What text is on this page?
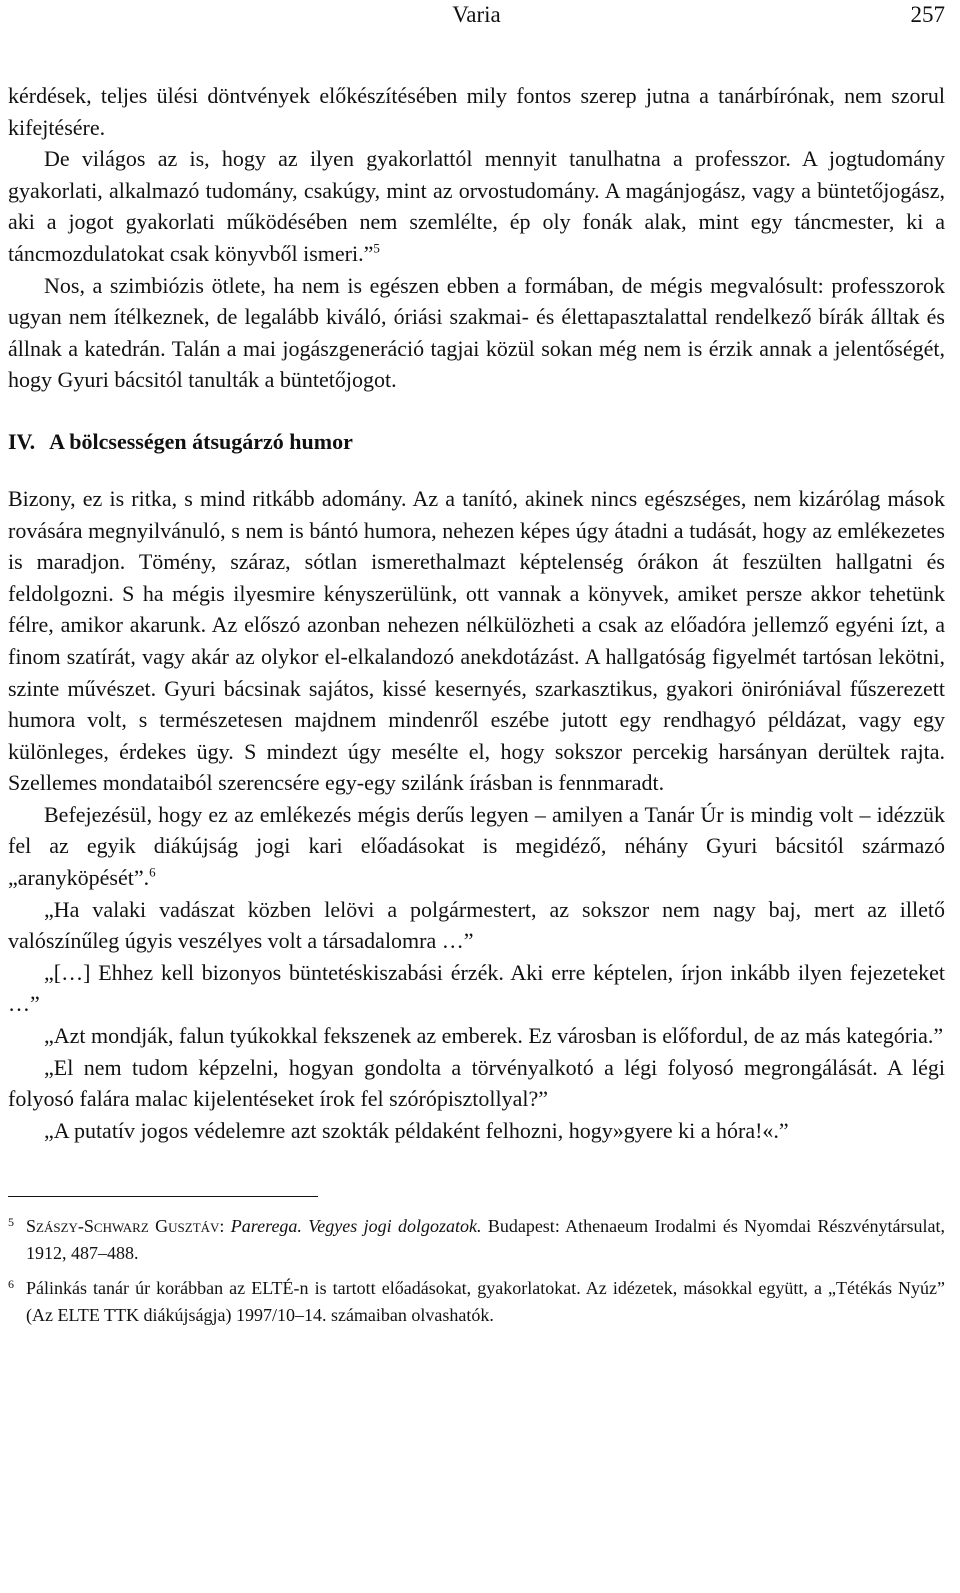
Varia	257

kérdések, teljes ülési döntvények előkészítésében mily fontos szerep jutna a tanárbírónak, nem szorul kifejtésére.

De világos az is, hogy az ilyen gyakorlattól mennyit tanulhatna a professzor. A jogtudomány gyakorlati, alkalmazó tudomány, csakúgy, mint az orvostudomány. A magánjogász, vagy a büntetőjogász, aki a jogot gyakorlati működésében nem szemlélte, ép oly fonák alak, mint egy táncmester, ki a táncmozdulatokat csak könyvből ismeri.”$^5$

Nos, a szimbiózis ötlete, ha nem is egészen ebben a formában, de mégis megvalósult: professzorok ugyan nem ítélkeznek, de legalább kiváló, óriási szakmai- és élettapasztalattal rendelkező bírák álltak és állnak a katedrán. Talán a mai jogászgeneráció tagjai közül sokan még nem is érzik annak a jelentőségét, hogy Gyuri bácsitól tanulták a büntetőjogot.

IV. A bölcsességen átsugárzó humor

Bizony, ez is ritka, s mind ritkább adomány. Az a tanító, akinek nincs egészséges, nem kizárólag mások rovására megnyilvánuló, s nem is bántó humora, nehezen képes úgy átadni a tudását, hogy az emlékezetes is maradjon. Tömény, száraz, sótlan ismerethalmazt képtelenség órákon át feszülten hallgatni és feldolgozni. S ha mégis ilyesmire kényszerülünk, ott vannak a könyvek, amiket persze akkor tehetünk félre, amikor akarunk. Az előszó azonban nehezen nélkülözheti a csak az előadóra jellemző egyéni ízt, a finom szatírát, vagy akár az olykor el-elkalandozó anekdotázást. A hallgatóság figyelmét tartósan lekötni, szinte művészet. Gyuri bácsinak sajátos, kissé kesernyés, szarkasztikus, gyakori öniróniával fűszerezett humora volt, s természetesen majdnem mindenről eszébe jutott egy rendhagyó példázat, vagy egy különleges, érdekes ügy. S mindezt úgy mesélte el, hogy sokszor percekig harsányan derültek rajta. Szellemes mondataiból szerencsére egy-egy szilánk írásban is fennmaradt.

Befejezésül, hogy ez az emlékezés mégis derűs legyen – amilyen a Tanár Úr is mindig volt – idézzük fel az egyik diákújság jogi kari előadásokat is megidéző, néhány Gyuri bácsitól származó „aranyköpését”.$^6$

„Ha valaki vadászat közben lelövi a polgármestert, az sokszor nem nagy baj, mert az illető valószínűleg úgyis veszélyes volt a társadalomra …”

„[…] Ehhez kell bizonyos büntetéskiszabási érzék. Aki erre képtelen, írjon inkább ilyen fejezeteket …”

„Azt mondják, falun tyúkokkal fekszenek az emberek. Ez városban is előfordul, de az más kategória.”

„El nem tudom képzelni, hogyan gondolta a törvényalkotó a légi folyosó megrongálását. A légi folyosó falára malac kijelentéseket írok fel szórópisztollyal?”

„A putatív jogos védelemre azt szokták példaként felhozni, hogy»gyere ki a hóra!«.”

5 Szászy-Schwarz Gusztáv: Parerega. Vegyes jogi dolgozatok. Budapest: Athenaeum Irodalmi és Nyomdai Részvénytársulat, 1912, 487–488.
6 Pálinkás tanár úr korábban az ELTÉ-n is tartott előadásokat, gyakorlatokat. Az idézetek, másokkal együtt, a „Tétékás Nyúz” (Az ELTE TTK diákújságja) 1997/10–14. számaiban olvashatók.
